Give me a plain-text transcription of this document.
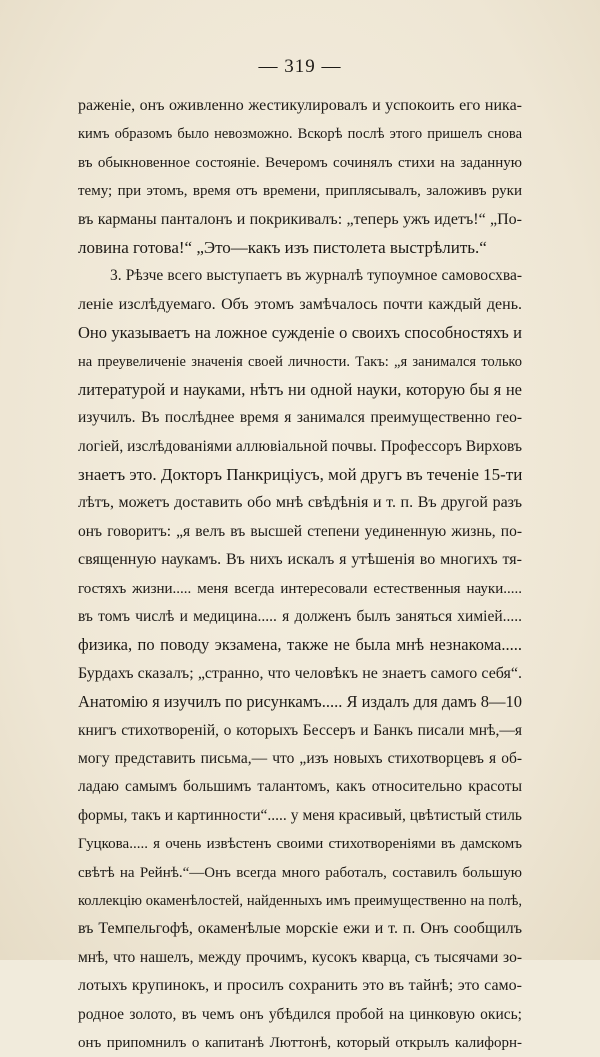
— 319 —
раженіе, онъ оживленно жестикулировалъ и успокоить его ника-
кимъ образомъ было невозможно. Вскорѣ послѣ этого пришелъ снова
въ обыкновенное состояніе. Вечеромъ сочинялъ стихи на заданную
тему; при этомъ, время отъ времени, приплясывалъ, заложивъ руки
въ карманы панталонъ и покрикивалъ: „теперь ужъ идетъ!“ „По-
ловина готова!“ „Это—какъ изъ пистолета выстрѣлить.“
3. Рѣзче всего выступаетъ въ журналѣ тупоумное самовосхва-
леніе изслѣдуемаго. Объ этомъ замѣчалось почти каждый день.
Оно указываетъ на ложное сужденіе о своихъ способностяхъ и
на преувеличеніе значенія своей личности. Такъ: „я занимался только
литературой и науками, нѣтъ ни одной науки, которую бы я не
изучилъ. Въ послѣднее время я занимался преимущественно гео-
логіей, изслѣдованіями аллювіальной почвы. Профессоръ Вирховъ
знаетъ это. Докторъ Панкриціусъ, мой другъ въ теченіе 15-ти
лѣтъ, можетъ доставить обо мнѣ свѣдѣнія и т. п. Въ другой разъ
онъ говоритъ: „я велъ въ высшей степени уединенную жизнь, по-
священную наукамъ. Въ нихъ искалъ я утѣшенія во многихъ тя-
гостяхъ жизни..... меня всегда интересовали естественныя науки.....
въ томъ числѣ и медицина..... я долженъ былъ заняться химіей.....
физика, по поводу экзамена, также не была мнѣ незнакома.....
Бурдахъ сказалъ; „странно, что человѣкъ не знаетъ самого себя“.
Анатомію я изучилъ по рисункамъ..... Я издалъ для дамъ 8—10
книгъ стихотвореній, о которыхъ Бессеръ и Банкъ писали мнѣ,—я
могу представить письма,— что „изъ новыхъ стихотворцевъ я об-
ладаю самымъ большимъ талантомъ, какъ относительно красоты
формы, такъ и картинности“..... у меня красивый, цвѣтистый стиль
Гуцкова..... я очень извѣстенъ своими стихотвореніями въ дамскомъ
свѣтѣ на Рейнѣ.“—Онъ всегда много работалъ, составилъ большую
коллекцію окаменѣлостей, найденныхъ имъ преимущественно на полѣ,
въ Темпельгофѣ, окаменѣлые морскіе ежи и т. п. Онъ сообщилъ
мнѣ, что нашелъ, между прочимъ, кусокъ кварца, съ тысячами зо-
лотыхъ крупинокъ, и просилъ сохранить это въ тайнѣ; это само-
родное золото, въ чемъ онъ убѣдился пробой на цинковую окись;
онъ припомнилъ о капитанѣ Люттонѣ, который открылъ калифорн-
